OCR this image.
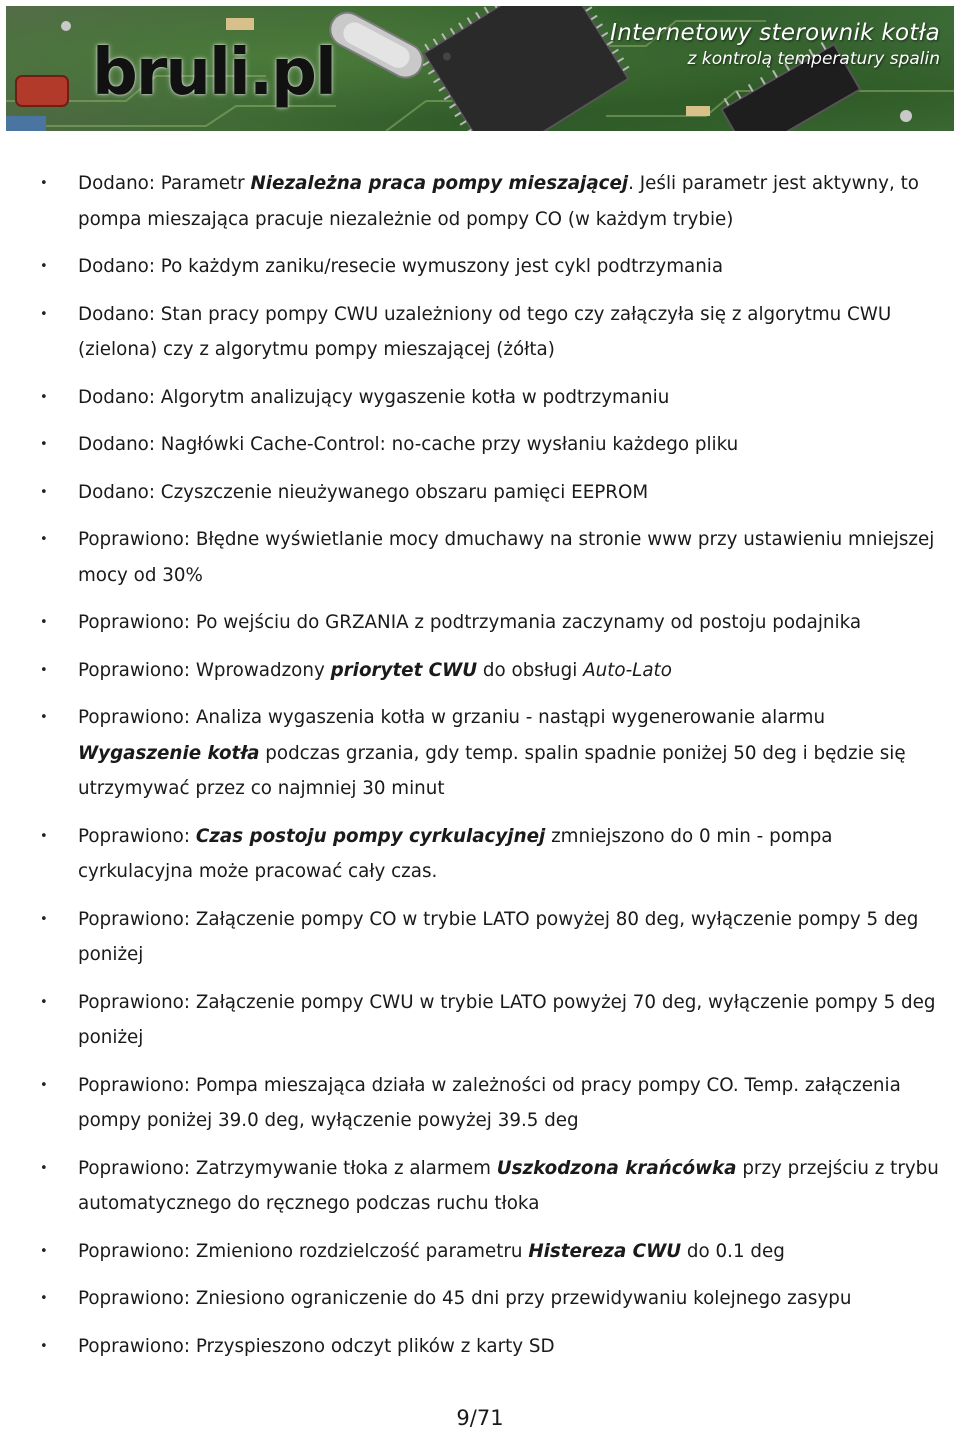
bruli.pl
Internetowy sterownik kotła
z kontrolą temperatury spalin
• Dodano: Parametr Niezależna praca pompy mieszającej. Jeśli parametr jest aktywny, to pompa mieszająca pracuje niezależnie od pompy CO (w każdym trybie)
• Dodano: Po każdym zaniku/resecie wymuszony jest cykl podtrzymania
• Dodano: Stan pracy pompy CWU uzależniony od tego czy załączyła się z algorytmu CWU (zielona) czy z algorytmu pompy mieszającej (żółta)
• Dodano: Algorytm analizujący wygaszenie kotła w podtrzymaniu
• Dodano: Nagłówki Cache-Control: no-cache przy wysłaniu każdego pliku
• Dodano: Czyszczenie nieużywanego obszaru pamięci EEPROM
• Poprawiono: Błędne wyświetlanie mocy dmuchawy na stronie www przy ustawieniu mniejszej mocy od 30%
• Poprawiono: Po wejściu do GRZANIA z podtrzymania zaczynamy od postoju podajnika
• Poprawiono: Wprowadzony priorytet CWU do obsługi Auto-Lato
• Poprawiono: Analiza wygaszenia kotła w grzaniu - nastąpi wygenerowanie alarmu Wygaszenie kotła podczas grzania, gdy temp. spalin spadnie poniżej 50 deg i będzie się utrzymywać przez co najmniej 30 minut
• Poprawiono: Czas postoju pompy cyrkulacyjnej zmniejszono do 0 min - pompa cyrkulacyjna może pracować cały czas.
• Poprawiono: Załączenie pompy CO w trybie LATO powyżej 80 deg, wyłączenie pompy 5 deg poniżej
• Poprawiono: Załączenie pompy CWU w trybie LATO powyżej 70 deg, wyłączenie pompy 5 deg poniżej
• Poprawiono: Pompa mieszająca działa w zależności od pracy pompy CO. Temp. załączenia pompy poniżej 39.0 deg, wyłączenie powyżej 39.5 deg
• Poprawiono: Zatrzymywanie tłoka z alarmem Uszkodzona krańcówka przy przejściu z trybu automatycznego do ręcznego podczas ruchu tłoka
• Poprawiono: Zmieniono rozdzielczość parametru Histereza CWU do 0.1 deg
• Poprawiono: Zniesiono ograniczenie do 45 dni przy przewidywaniu kolejnego zasypu
• Poprawiono: Przyspieszono odczyt plików z karty SD
9/71
